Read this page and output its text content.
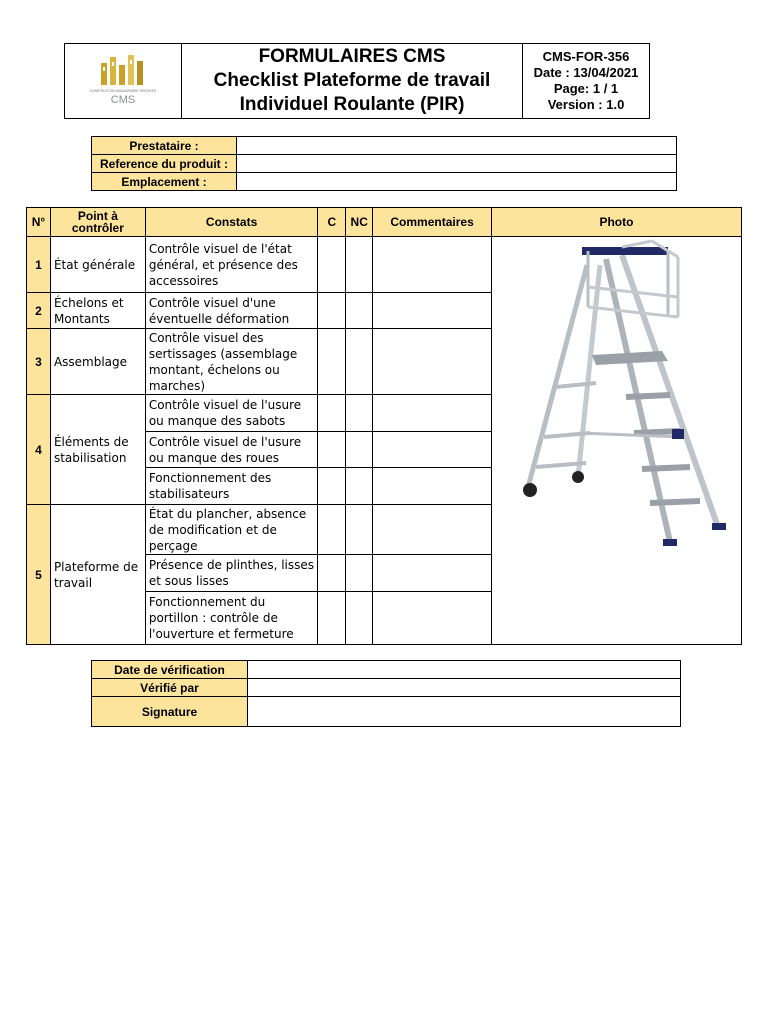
CONSTRUCTION MANAGEMENT SERVICES
CMS

FORMULAIRES CMS
Checklist Plateforme de travail
Individuel Roulante (PIR)

CMS-FOR-356
Date : 13/04/2021
Page: 1 / 1
Version : 1.0
Prestataire :	
Reference du produit :	
Emplacement :	
N°	Point à contrôler	Constats	C	NC	Commentaires	Photo
1	État générale	Contrôle visuel de l'état général, et présence des accessoires				
2	Échelons et Montants	Contrôle visuel d'une éventuelle déformation				
3	Assemblage	Contrôle visuel des sertissages (assemblage montant, échelons ou marches)				
4	Éléments de stabilisation	Contrôle visuel de l'usure ou manque des sabots				
		Contrôle visuel de l'usure ou manque des roues				
		Fonctionnement des stabilisateurs				
5	Plateforme de travail	État du plancher, absence de modification et de perçage				
		Présence de plinthes, lisses et sous lisses				
		Fonctionnement du portillon : contrôle de l'ouverture et fermeture				
Date de vérification	
Vérifié par	
Signature	
